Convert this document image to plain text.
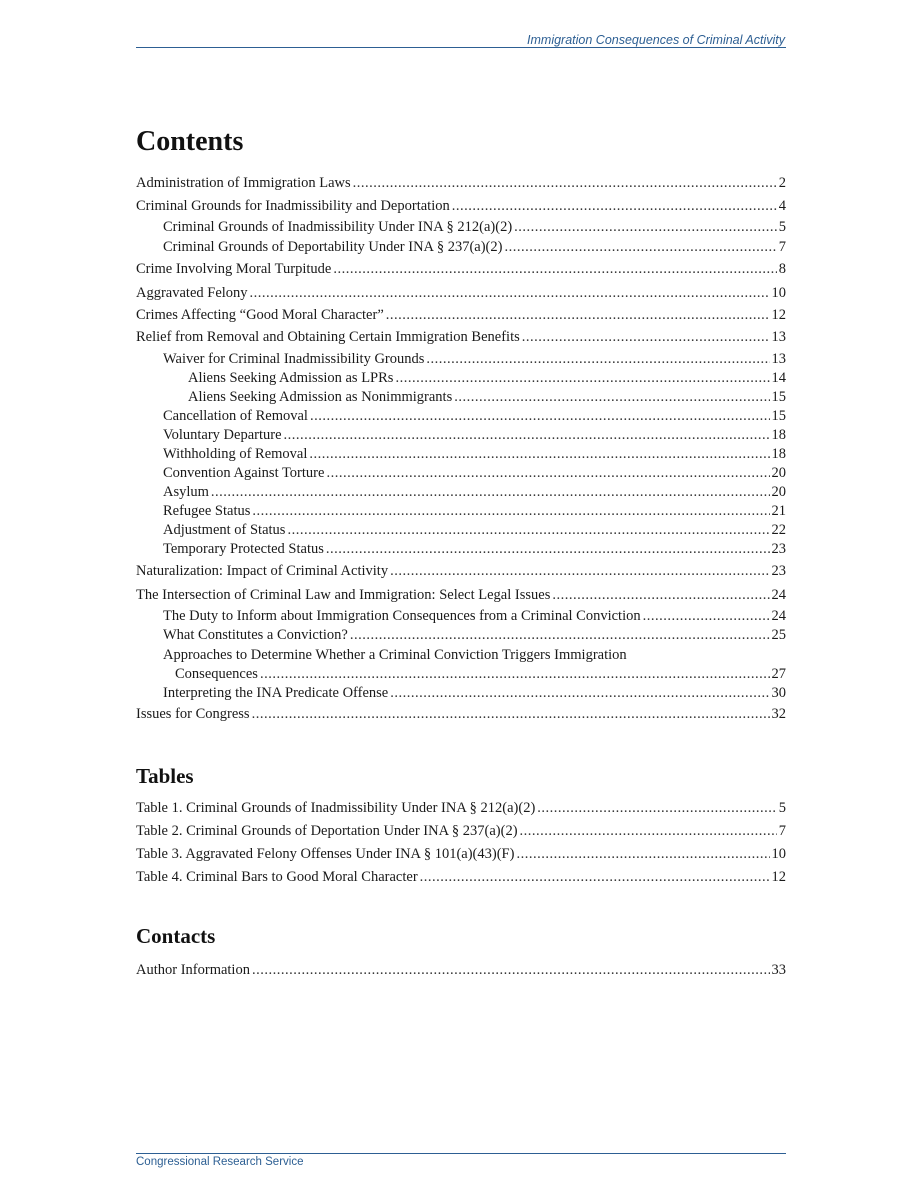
Immigration Consequences of Criminal Activity
Contents
Administration of Immigration Laws .....	2
Criminal Grounds for Inadmissibility and Deportation .....	4
Criminal Grounds of Inadmissibility Under INA § 212(a)(2) .....	5
Criminal Grounds of Deportability Under INA § 237(a)(2) .....	7
Crime Involving Moral Turpitude .....	8
Aggravated Felony .....	10
Crimes Affecting “Good Moral Character” .....	12
Relief from Removal and Obtaining Certain Immigration Benefits .....	13
Waiver for Criminal Inadmissibility Grounds .....	13
Aliens Seeking Admission as LPRs .....	14
Aliens Seeking Admission as Nonimmigrants .....	15
Cancellation of Removal .....	15
Voluntary Departure .....	18
Withholding of Removal .....	18
Convention Against Torture .....	20
Asylum .....	20
Refugee Status .....	21
Adjustment of Status .....	22
Temporary Protected Status .....	23
Naturalization: Impact of Criminal Activity .....	23
The Intersection of Criminal Law and Immigration: Select Legal Issues .....	24
The Duty to Inform about Immigration Consequences from a Criminal Conviction .....	24
What Constitutes a Conviction? .....	25
Approaches to Determine Whether a Criminal Conviction Triggers Immigration
Consequences .....	27
Interpreting the INA Predicate Offense .....	30
Issues for Congress .....	32
Tables
Table 1. Criminal Grounds of Inadmissibility Under INA § 212(a)(2) .....	5
Table 2. Criminal Grounds of Deportation Under INA § 237(a)(2) .....	7
Table 3. Aggravated Felony Offenses Under INA § 101(a)(43)(F) .....	10
Table 4. Criminal Bars to Good Moral Character .....	12
Contacts
Author Information .....	33
Congressional Research Service
